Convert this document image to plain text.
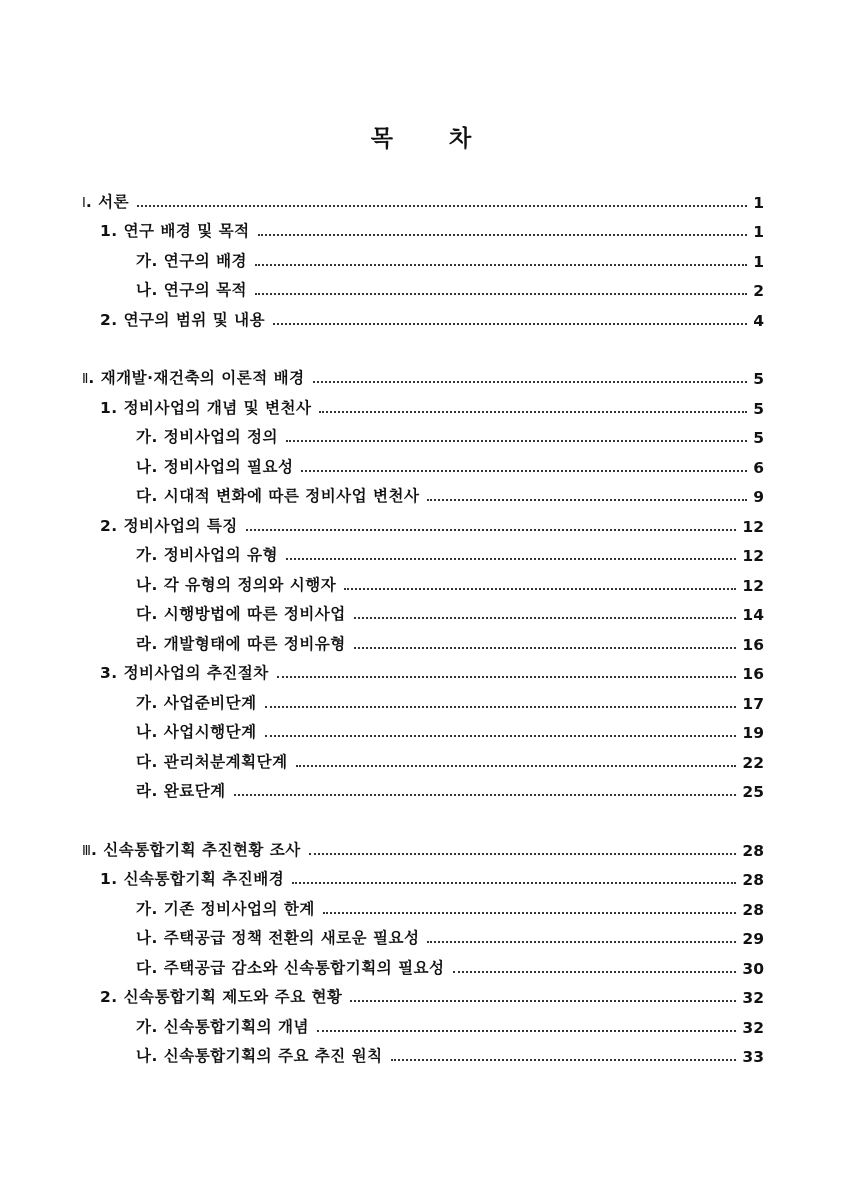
목 차
Ⅰ. 서론	1
1. 연구 배경 및 목적	1
가. 연구의 배경	1
나. 연구의 목적	2
2. 연구의 범위 및 내용	4
Ⅱ. 재개발·재건축의 이론적 배경	5
1. 정비사업의 개념 및 변천사	5
가. 정비사업의 정의	5
나. 정비사업의 필요성	6
다. 시대적 변화에 따른 정비사업 변천사	9
2. 정비사업의 특징	12
가. 정비사업의 유형	12
나. 각 유형의 정의와 시행자	12
다. 시행방법에 따른 정비사업	14
라. 개발형태에 따른 정비유형	16
3. 정비사업의 추진절차	16
가. 사업준비단계	17
나. 사업시행단계	19
다. 관리처분계획단계	22
라. 완료단계	25
Ⅲ. 신속통합기획 추진현황 조사	28
1. 신속통합기획 추진배경	28
가. 기존 정비사업의 한계	28
나. 주택공급 정책 전환의 새로운 필요성	29
다. 주택공급 감소와 신속통합기획의 필요성	30
2. 신속통합기획 제도와 주요 현황	32
가. 신속통합기획의 개념	32
나. 신속통합기획의 주요 추진 원칙	33
